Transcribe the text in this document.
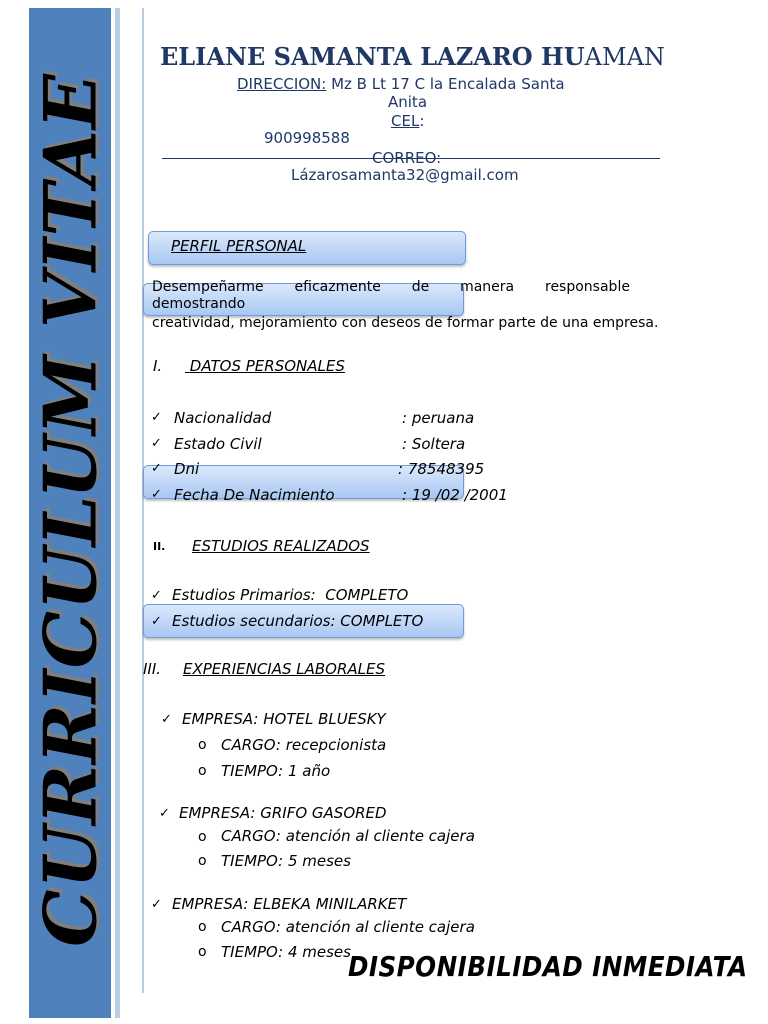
CURRICULUM VITAE
ELIANE SAMANTA LAZARO HUAMAN
DIRECCION: Mz B Lt 17 C la Encalada Santa
Anita
CEL:
900998588
CORREO:
Lázarosamanta32@gmail.com
PERFIL PERSONAL
Desempeñarme eficazmente de manera responsable
demostrando
creatividad, mejoramiento con deseos de formar parte de una empresa.
I.	DATOS PERSONALES
✓ Nacionalidad	: peruana
✓ Estado Civil	: Soltera
✓ Dni	: 78548395
✓ Fecha De Nacimiento	: 19 /02 /2001
II. ESTUDIOS REALIZADOS
✓ Estudios Primarios:  COMPLETO
✓ Estudios secundarios: COMPLETO
III. EXPERIENCIAS LABORALES
✓ EMPRESA: HOTEL BLUESKY
o CARGO: recepcionista
o TIEMPO: 1 año
✓ EMPRESA: GRIFO GASORED
o CARGO: atención al cliente cajera
o TIEMPO: 5 meses
✓ EMPRESA: ELBEKA MINILARKET
o CARGO: atención al cliente cajera
o TIEMPO: 4 meses
DISPONIBILIDAD INMEDIATA
